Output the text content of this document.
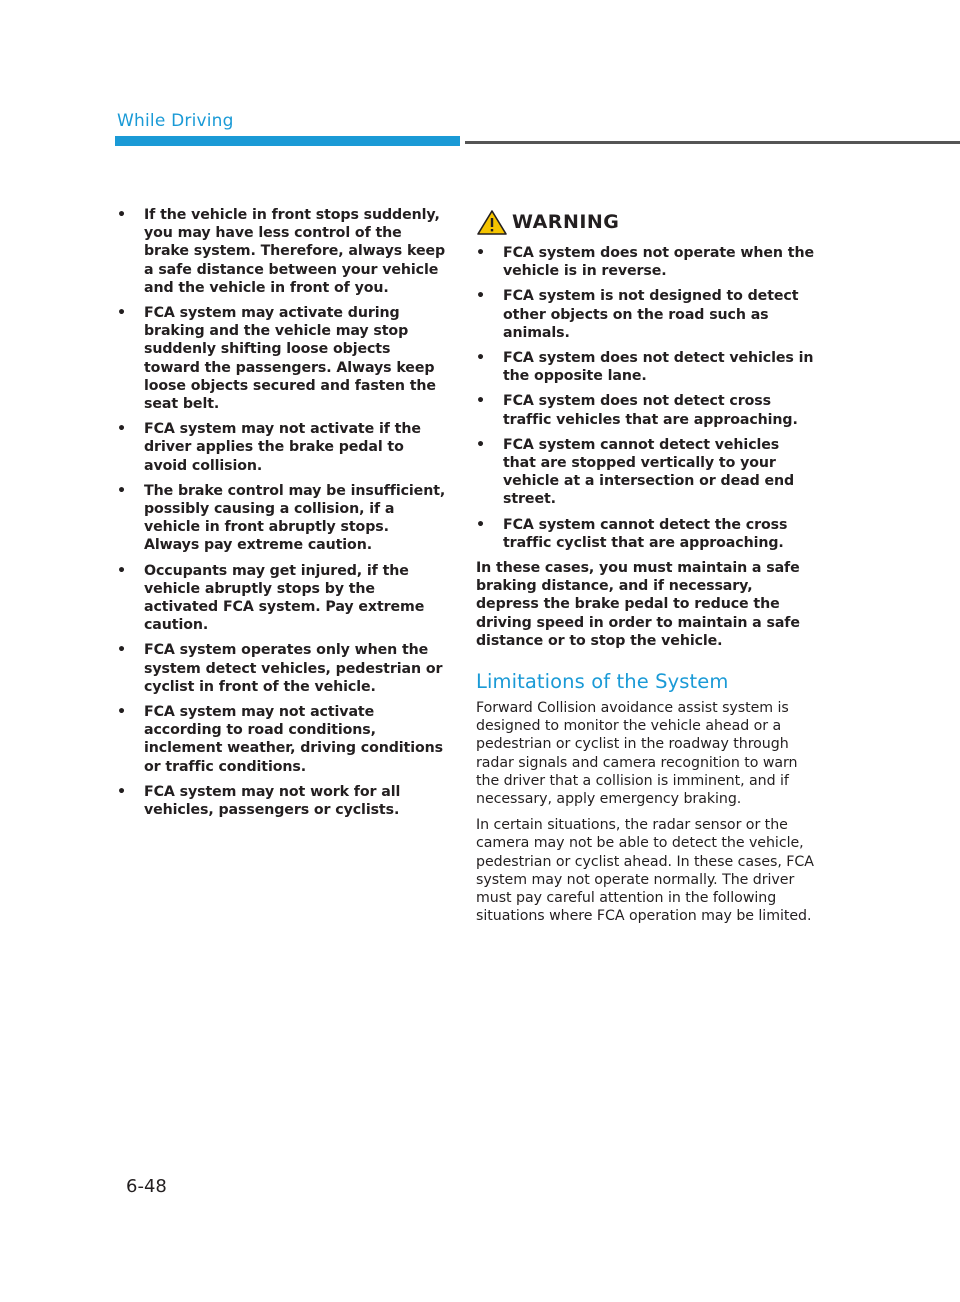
While Driving
• If the vehicle in front stops suddenly, you may have less control of the brake system. Therefore, always keep a safe distance between your vehicle and the vehicle in front of you.
• FCA system may activate during braking and the vehicle may stop suddenly shifting loose objects toward the passengers. Always keep loose objects secured and fasten the seat belt.
• FCA system may not activate if the driver applies the brake pedal to avoid collision.
• The brake control may be insufficient, possibly causing a collision, if a vehicle in front abruptly stops. Always pay extreme caution.
• Occupants may get injured, if the vehicle abruptly stops by the activated FCA system. Pay extreme caution.
• FCA system operates only when the system detect vehicles, pedestrian or cyclist in front of the vehicle.
• FCA system may not activate according to road conditions, inclement weather, driving conditions or traffic conditions.
• FCA system may not work for all vehicles, passengers or cyclists.
WARNING
• FCA system does not operate when the vehicle is in reverse.
• FCA system is not designed to detect other objects on the road such as animals.
• FCA system does not detect vehicles in the opposite lane.
• FCA system does not detect cross traffic vehicles that are approaching.
• FCA system cannot detect vehicles that are stopped vertically to your vehicle at a intersection or dead end street.
• FCA system cannot detect the cross traffic cyclist that are approaching.

In these cases, you must maintain a safe braking distance, and if necessary, depress the brake pedal to reduce the driving speed in order to maintain a safe distance or to stop the vehicle.

Limitations of the System

Forward Collision avoidance assist system is designed to monitor the vehicle ahead or a pedestrian or cyclist in the roadway through radar signals and camera recognition to warn the driver that a collision is imminent, and if necessary, apply emergency braking.

In certain situations, the radar sensor or the camera may not be able to detect the vehicle, pedestrian or cyclist ahead. In these cases, FCA system may not operate normally. The driver must pay careful attention in the following situations where FCA operation may be limited.

6-48
